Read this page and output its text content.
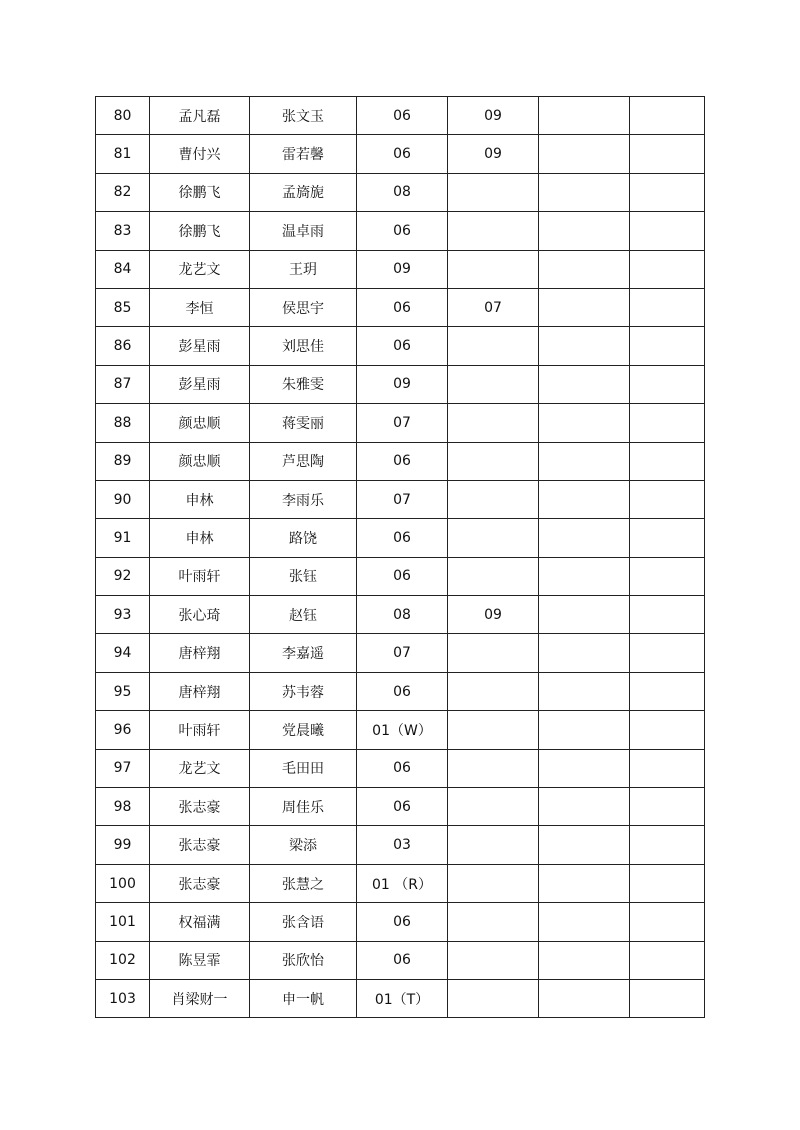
80	孟凡磊	张文玉	06	09		
81	曹付兴	雷若馨	06	09		
82	徐鹏飞	孟旖旎	08			
83	徐鹏飞	温卓雨	06			
84	龙艺文	王玥	09			
85	李恒	侯思宇	06	07		
86	彭星雨	刘思佳	06			
87	彭星雨	朱雅雯	09			
88	颜忠顺	蒋雯丽	07			
89	颜忠顺	芦思陶	06			
90	申林	李雨乐	07			
91	申林	路饶	06			
92	叶雨轩	张钰	06			
93	张心琦	赵钰	08	09		
94	唐梓翔	李嘉遥	07			
95	唐梓翔	苏韦蓉	06			
96	叶雨轩	党晨曦	01（W）			
97	龙艺文	毛田田	06			
98	张志豪	周佳乐	06			
99	张志豪	梁添	03			
100	张志豪	张慧之	01 （R）			
101	权福满	张含语	06			
102	陈昱霏	张欣怡	06			
103	肖梁财一	申一帆	01（T）			
